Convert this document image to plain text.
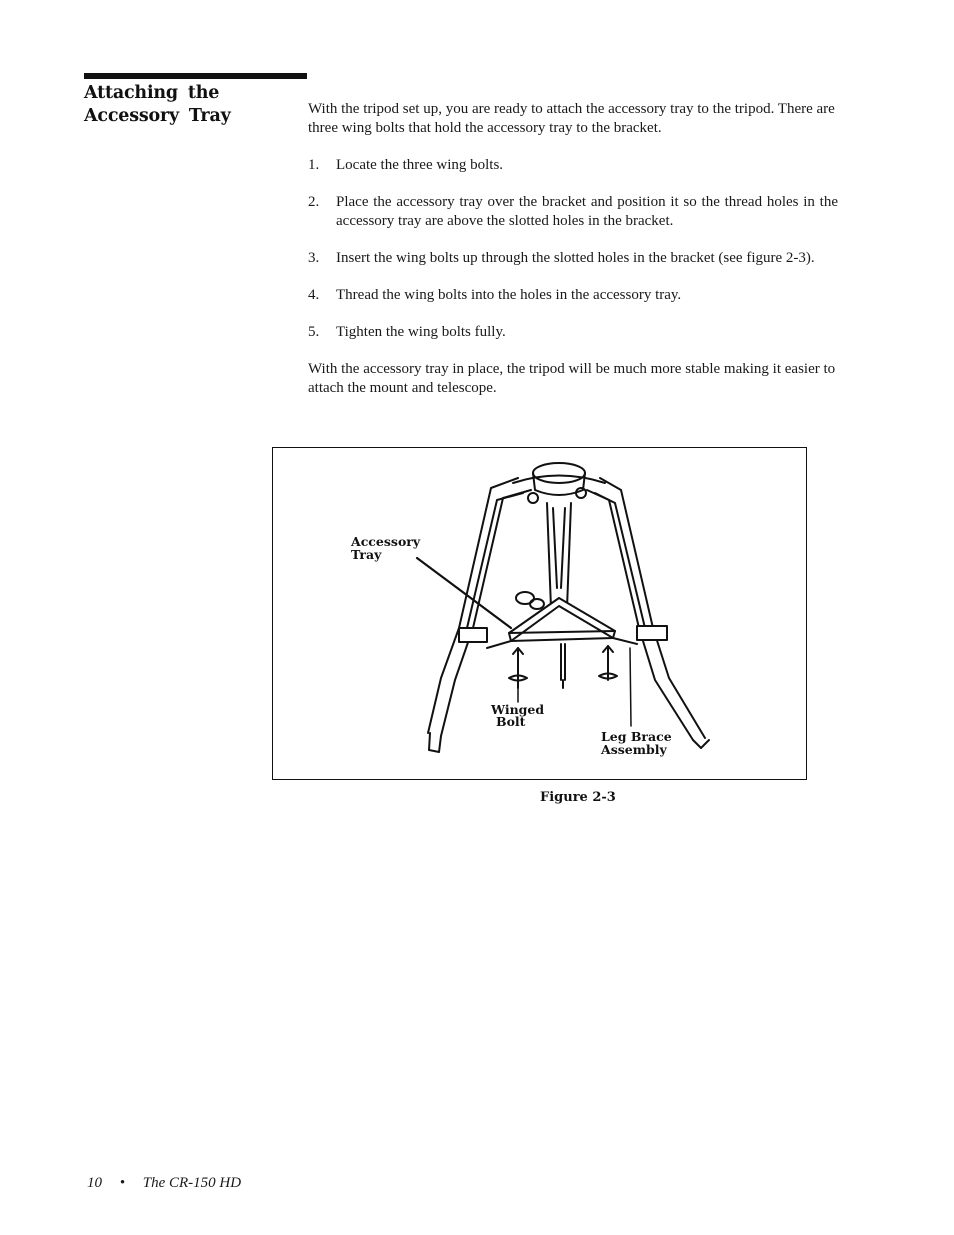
Attaching the Accessory Tray	With the tripod set up, you are ready to attach the accessory tray to the tripod. There are three wing bolts that hold the accessory tray to the bracket.

1. Locate the three wing bolts.
2. Place the accessory tray over the bracket and position it so the thread holes in the accessory tray are above the slotted holes in the bracket.
3. Insert the wing bolts up through the slotted holes in the bracket (see figure 2-3).
4. Thread the wing bolts into the holes in the accessory tray.
5. Tighten the wing bolts fully.

With the accessory tray in place, the tripod will be much more stable making it easier to attach the mount and telescope.

Accessory
Tray
Winged
Bolt
Leg Brace
Assembly
Figure 2-3
10 • The CR-150 HD
